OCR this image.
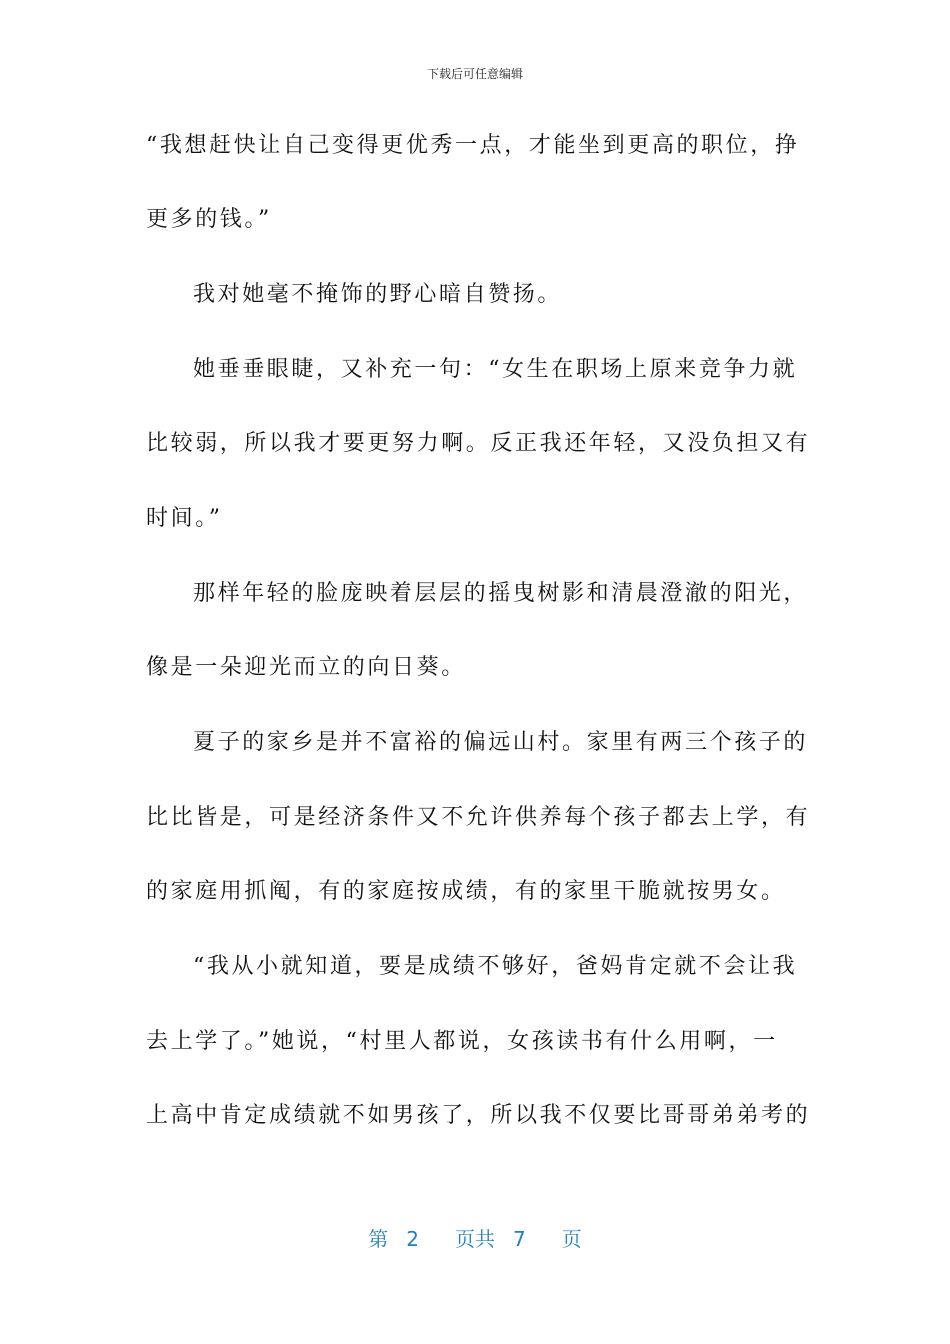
下载后可任意编辑
“我想赶快让自己变得更优秀一点，才能坐到更高的职位，挣
更多的钱。”
我对她毫不掩饰的野心暗自赞扬。
她垂垂眼睫，又补充一句：“女生在职场上原来竞争力就
比较弱，所以我才要更努力啊。反正我还年轻，又没负担又有
时间。”
那样年轻的脸庞映着层层的摇曳树影和清晨澄澈的阳光，
像是一朵迎光而立的向日葵。
夏子的家乡是并不富裕的偏远山村。家里有两三个孩子的
比比皆是，可是经济条件又不允许供养每个孩子都去上学，有
的家庭用抓阄，有的家庭按成绩，有的家里干脆就按男女。
“我从小就知道，要是成绩不够好，爸妈肯定就不会让我
去上学了。”她说，“村里人都说，女孩读书有什么用啊，一
上高中肯定成绩就不如男孩了，所以我不仅要比哥哥弟弟考的
第 2 页共 7 页
